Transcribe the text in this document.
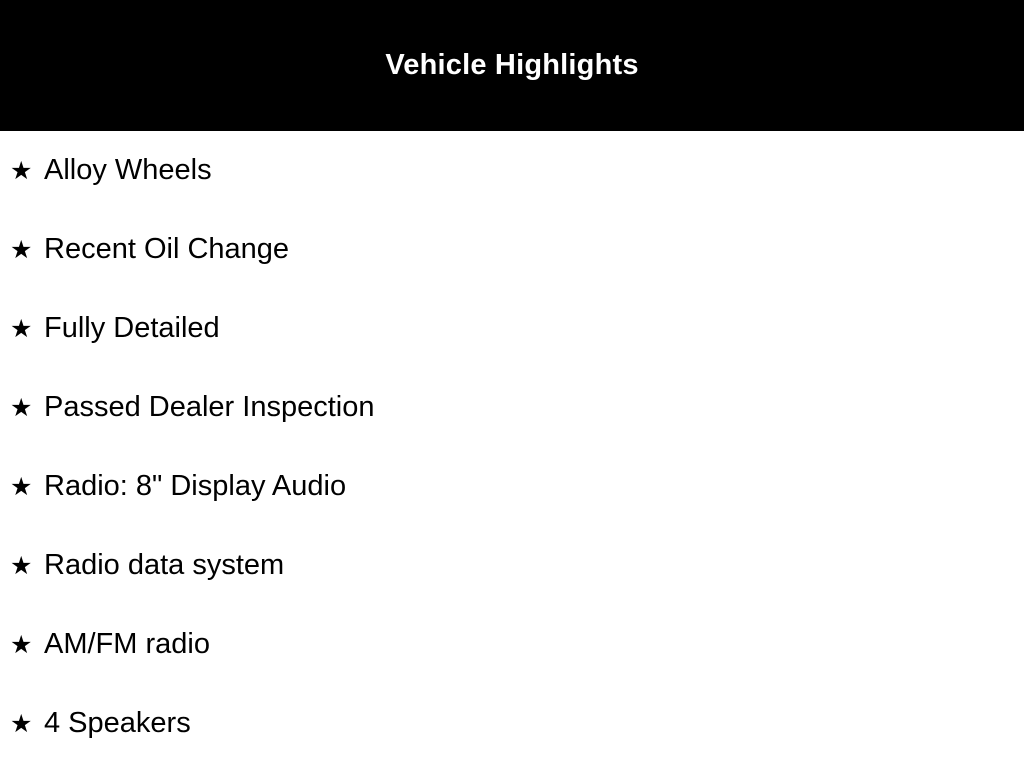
Vehicle Highlights
★ Alloy Wheels
★ Recent Oil Change
★ Fully Detailed
★ Passed Dealer Inspection
★ Radio: 8" Display Audio
★ Radio data system
★ AM/FM radio
★ 4 Speakers
